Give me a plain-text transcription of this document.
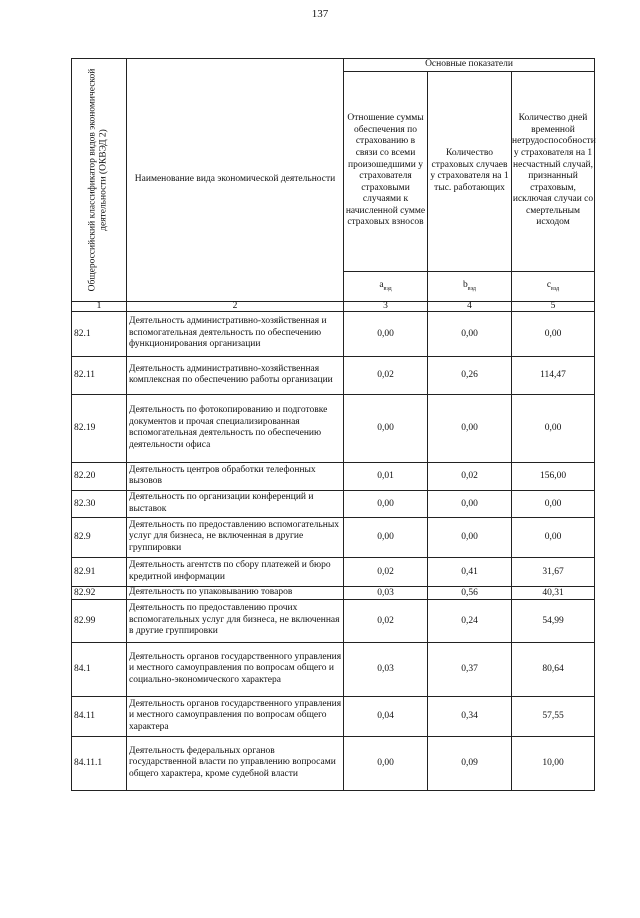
137
Общероссийский классификатор видов экономической деятельности (ОКВЭД 2)	Наименование вида экономической деятельности	Основные показатели		
		Отношение суммы обеспечения по страхованию в связи со всеми произошедшими у страхователя страховыми случаями к начисленной сумме страховых взносов	Количество страховых случаев у страхователя на 1 тыс. работающих	Количество дней временной нетрудоспособности у страхователя на 1 несчастный случай, признанный страховым, исключая случаи со смертельным исходом
		$a_{вэд}$	$b_{вэд}$	$c_{вэд}$
1	2	3	4	5
82.1	Деятельность административно-хозяйственная и вспомогательная деятельность по обеспечению функционирования организации	0,00	0,00	0,00
82.11	Деятельность административно-хозяйственная комплексная по обеспечению работы организации	0,02	0,26	114,47
82.19	Деятельность по фотокопированию и подготовке документов и прочая специализированная вспомогательная деятельность по обеспечению деятельности офиса	0,00	0,00	0,00
82.20	Деятельность центров обработки телефонных вызовов	0,01	0,02	156,00
82.30	Деятельность по организации конференций и выставок	0,00	0,00	0,00
82.9	Деятельность по предоставлению вспомогательных услуг для бизнеса, не включенная в другие группировки	0,00	0,00	0,00
82.91	Деятельность агентств по сбору платежей и бюро кредитной информации	0,02	0,41	31,67
82.92	Деятельность по упаковыванию товаров	0,03	0,56	40,31
82.99	Деятельность по предоставлению прочих вспомогательных услуг для бизнеса, не включенная в другие группировки	0,02	0,24	54,99
84.1	Деятельность органов государственного управления и местного самоуправления по вопросам общего и социально-экономического характера	0,03	0,37	80,64
84.11	Деятельность органов государственного управления и местного самоуправления по вопросам общего характера	0,04	0,34	57,55
84.11.1	Деятельность федеральных органов государственной власти по управлению вопросами общего характера, кроме судебной власти	0,00	0,09	10,00
